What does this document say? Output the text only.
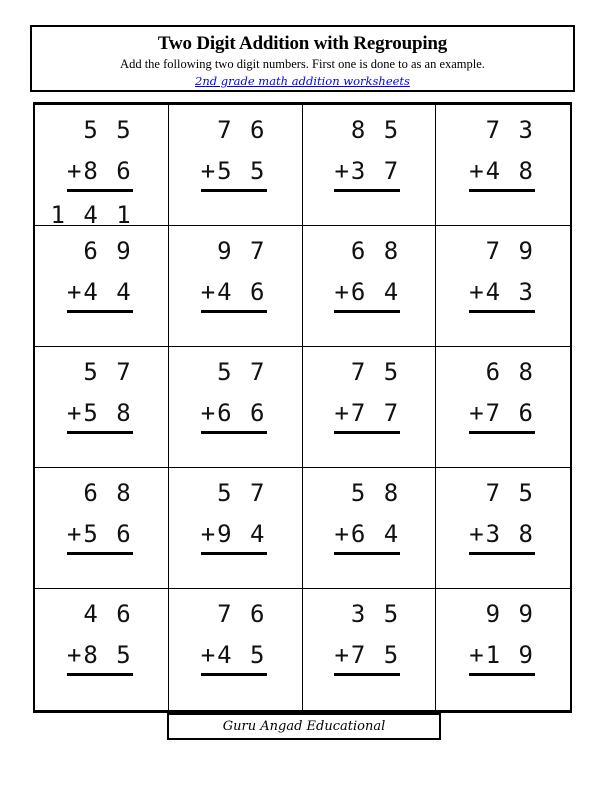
Two Digit Addition with Regrouping
Add the following two digit numbers. First one is done to as an example.
2nd grade math addition worksheets
5 5
+8 6
1 4 1
7 6
+5 5
8 5
+3 7
7 3
+4 8
6 9
+4 4
9 7
+4 6
6 8
+6 4
7 9
+4 3
5 7
+5 8
5 7
+6 6
7 5
+7 7
6 8
+7 6
6 8
+5 6
5 7
+9 4
5 8
+6 4
7 5
+3 8
4 6
+8 5
7 6
+4 5
3 5
+7 5
9 9
+1 9
Guru Angad Educational
